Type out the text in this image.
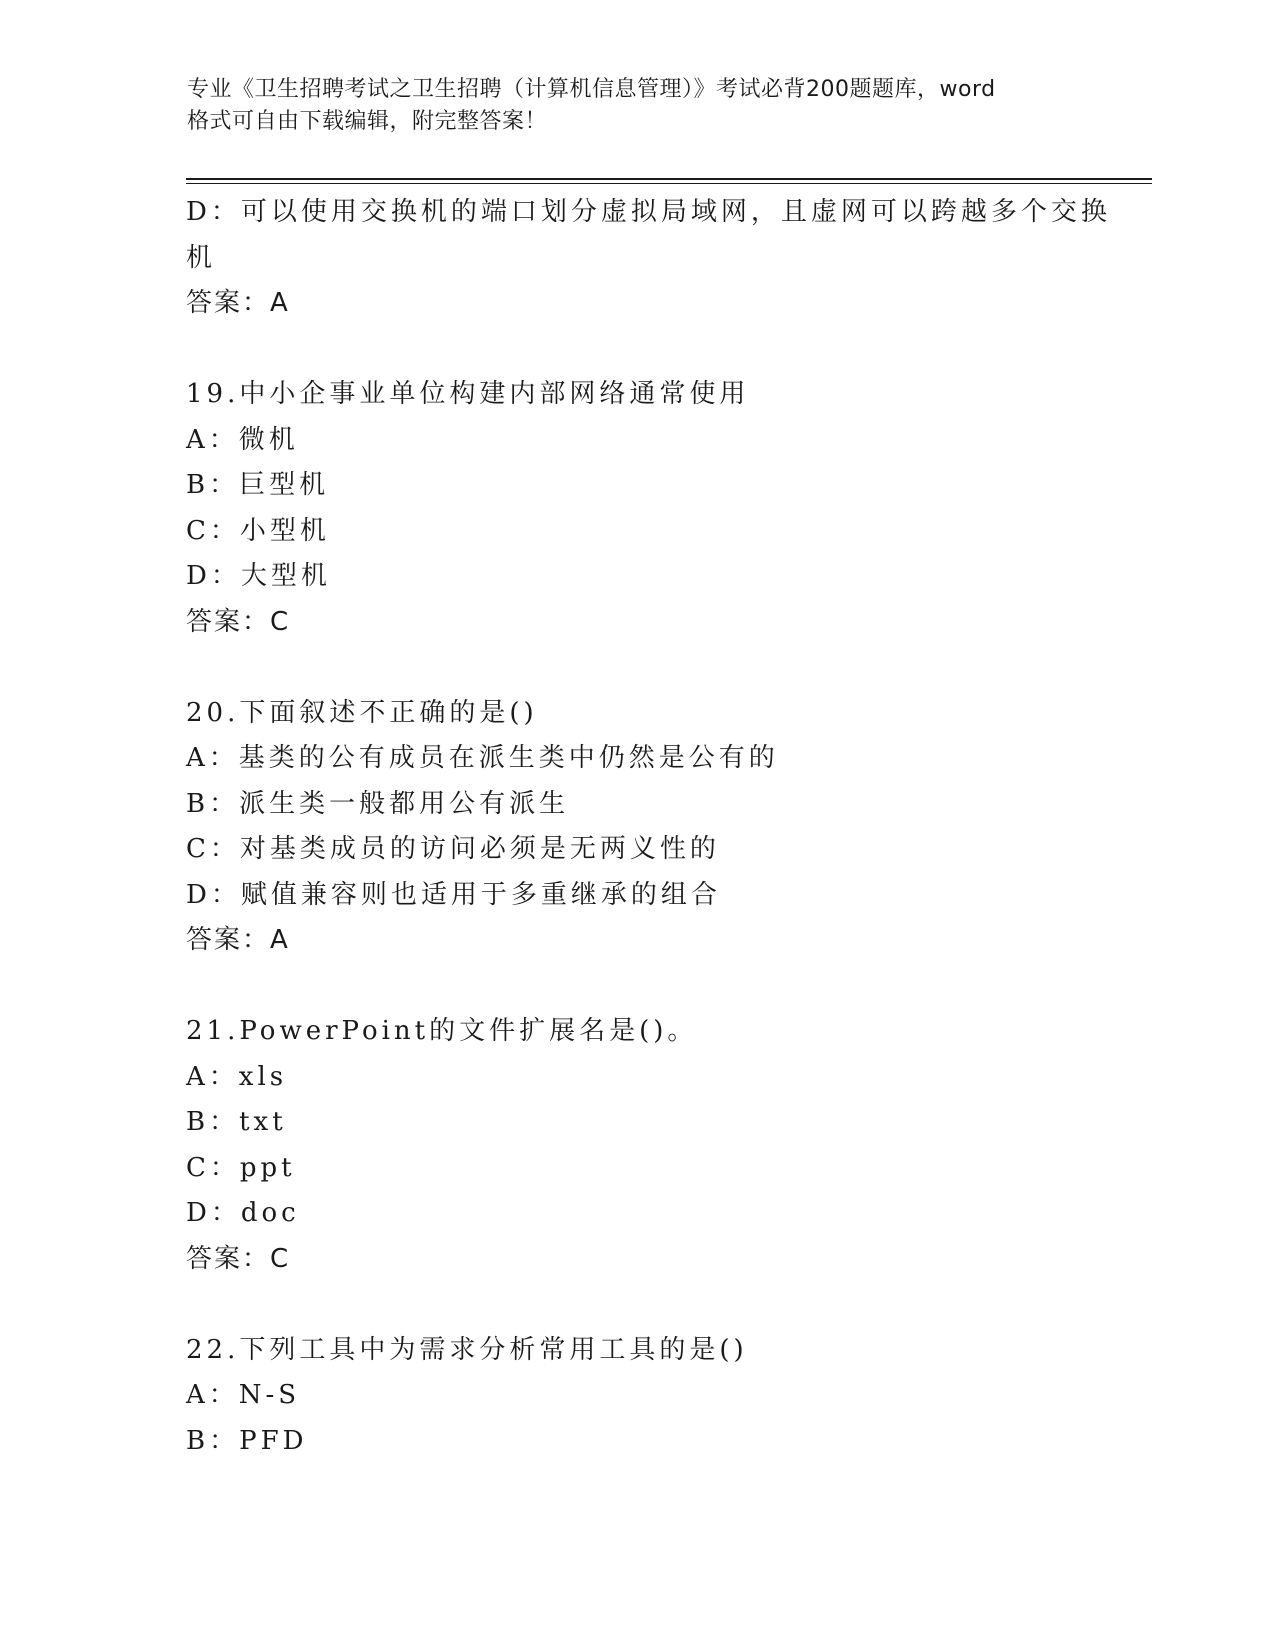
专业《卫生招聘考试之卫生招聘（计算机信息管理）》考试必背200题题库，word
格式可自由下载编辑，附完整答案！
D：可以使用交换机的端口划分虚拟局域网，且虚网可以跨越多个交换
机
答案：A
19.中小企事业单位构建内部网络通常使用
A：微机
B：巨型机
C：小型机
D：大型机
答案：C
20.下面叙述不正确的是()
A：基类的公有成员在派生类中仍然是公有的
B：派生类一般都用公有派生
C：对基类成员的访问必须是无两义性的
D：赋值兼容则也适用于多重继承的组合
答案：A
21.PowerPoint的文件扩展名是()。
A：xls
B：txt
C：ppt
D：doc
答案：C
22.下列工具中为需求分析常用工具的是()
A：N-S
B：PFD
